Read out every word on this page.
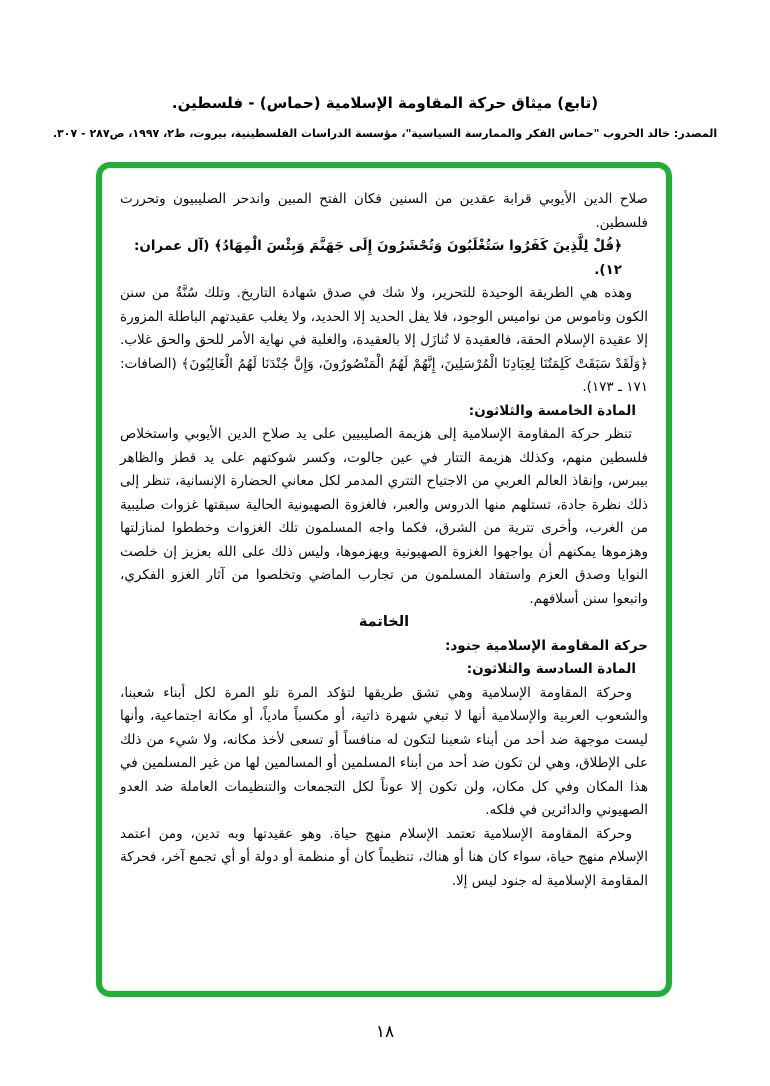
(تابع) ميثاق حركة المقاومة الإسلامية (حماس) - فلسطين.
المصدر: خالد الحروب "حماس الفكر والممارسة السياسية"، مؤسسة الدراسات الفلسطينية، بيروت، ط٢، ١٩٩٧، ص٢٨٧ - ٣٠٧.

صلاح الدين الأيوبي قرابة عقدين من السنين فكان الفتح المبين واندحر الصليبيون وتحررت فلسطين.

﴿قُلْ لِلَّذِينَ كَفَرُوا سَتُغْلَبُونَ وَتُحْشَرُونَ إِلَى جَهَنَّمَ وَبِئْسَ الْمِهَادُ﴾ (آل عمران: ١٢).

وهذه هي الطريقة الوحيدة للتحرير، ولا شك في صدق شهادة التاريخ. وتلك سُنَّةٌ من سنن الكون وناموس من نواميس الوجود، فلا يفل الحديد إلا الحديد، ولا يغلب عقيدتهم الباطلة المزورة إلا عقيدة الإسلام الحقة، فالعقيدة لا تُنازَل إلا بالعقيدة، والغلبة في نهاية الأمر للحق والحق غلاب. ﴿وَلَقَدْ سَبَقَتْ كَلِمَتُنَا لِعِبَادِنَا الْمُرْسَلِينَ، إِنَّهُمْ لَهُمُ الْمَنْصُورُونَ، وَإِنَّ جُنْدَنَا لَهُمُ الْغَالِبُونَ﴾ (الصافات: ١٧١ ـ ١٧٣).

المادة الخامسة والثلاثون:

تنظر حركة المقاومة الإسلامية إلى هزيمة الصليبيين على يد صلاح الدين الأيوبي واستخلاص فلسطين منهم، وكذلك هزيمة التتار في عين جالوت، وكسر شوكتهم على يد قطز والظاهر بيبرس، وإنقاذ العالم العربي من الاجتياح التتري المدمر لكل معاني الحضارة الإنسانية، تنظر إلى ذلك نظرة جادة، تستلهم منها الدروس والعبر، فالغزوة الصهيونية الحالية سبقتها غزوات صليبية من الغرب، وأخرى تترية من الشرق، فكما واجه المسلمون تلك الغزوات وخططوا لمنازلتها وهزموها يمكنهم أن يواجهوا الغزوة الصهيونية ويهزموها، وليس ذلك على الله بعزيز إن خلصت النوايا وصدق العزم واستفاد المسلمون من تجارب الماضي وتخلصوا من آثار الغزو الفكري، واتبعوا سنن أسلافهم.

الخاتمة

حركة المقاومة الإسلامية جنود:

المادة السادسة والثلاثون:

وحركة المقاومة الإسلامية وهي تشق طريقها لتؤكد المرة تلو المرة لكل أبناء شعبنا، والشعوب العربية والإسلامية أنها لا تبغي شهرة ذاتية، أو مكسباً مادياً، أو مكانة اجتماعية، وأنها ليست موجهة ضد أحد من أبناء شعبنا لتكون له منافساً أو تسعى لأخذ مكانه، ولا شيء من ذلك على الإطلاق، وهي لن تكون ضد أحد من أبناء المسلمين أو المسالمين لها من غير المسلمين في هذا المكان وفي كل مكان، ولن تكون إلا عوناً لكل التجمعات والتنظيمات العاملة ضد العدو الصهيوني والدائرين في فلكه.

وحركة المقاومة الإسلامية تعتمد الإسلام منهج حياة. وهو عقيدتها وبه تدين، ومن اعتمد الإسلام منهج حياة، سواء كان هنا أو هناك، تنظيماً كان أو منظمة أو دولة أو أي تجمع آخر، فحركة المقاومة الإسلامية له جنود ليس إلا.

١٨
